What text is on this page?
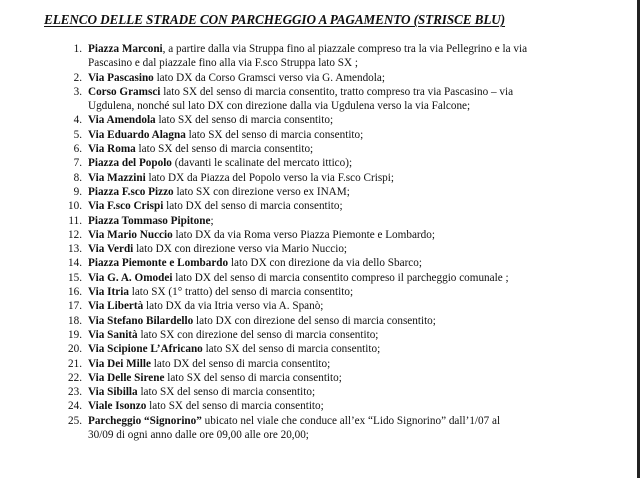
ELENCO DELLE STRADE CON PARCHEGGIO A PAGAMENTO (STRISCE BLU)
1. Piazza Marconi, a partire dalla via Struppa fino al piazzale compreso tra la via Pellegrino e la via
Pascasino e dal piazzale fino alla via F.sco Struppa lato SX ;
2. Via Pascasino lato DX da Corso Gramsci verso via G. Amendola;
3. Corso Gramsci lato SX del senso di marcia consentito, tratto compreso tra via Pascasino – via
Ugdulena, nonché sul lato DX con direzione dalla via Ugdulena verso la via Falcone;
4. Via Amendola lato SX del senso di marcia consentito;
5. Via Eduardo Alagna lato SX del senso di marcia consentito;
6. Via Roma lato SX del senso di marcia consentito;
7. Piazza del Popolo (davanti le scalinate del mercato ittico);
8. Via Mazzini lato DX da Piazza del Popolo verso la via F.sco Crispi;
9. Piazza F.sco Pizzo lato SX con direzione verso ex INAM;
10. Via F.sco Crispi lato DX del senso di marcia consentito;
11. Piazza Tommaso Pipitone;
12. Via Mario Nuccio lato DX da via Roma verso Piazza Piemonte e Lombardo;
13. Via Verdi lato DX con direzione verso via Mario Nuccio;
14. Piazza Piemonte e Lombardo lato DX con direzione da via dello Sbarco;
15. Via G. A. Omodei lato DX del senso di marcia consentito compreso il parcheggio comunale ;
16. Via Itria lato SX (1° tratto) del senso di marcia consentito;
17. Via Libertà lato DX da via Itria verso via A. Spanò;
18. Via Stefano Bilardello lato DX con direzione del senso di marcia consentito;
19. Via Sanità lato SX con direzione del senso di marcia consentito;
20. Via Scipione L’Africano lato SX del senso di marcia consentito;
21. Via Dei Mille lato DX del senso di marcia consentito;
22. Via Delle Sirene lato SX del senso di marcia consentito;
23. Via Sibilla lato SX del senso di marcia consentito;
24. Viale Isonzo lato SX del senso di marcia consentito;
25. Parcheggio “Signorino” ubicato nel viale che conduce all’ex “Lido Signorino” dall’1/07 al
30/09 di ogni anno dalle ore 09,00 alle ore 20,00;
